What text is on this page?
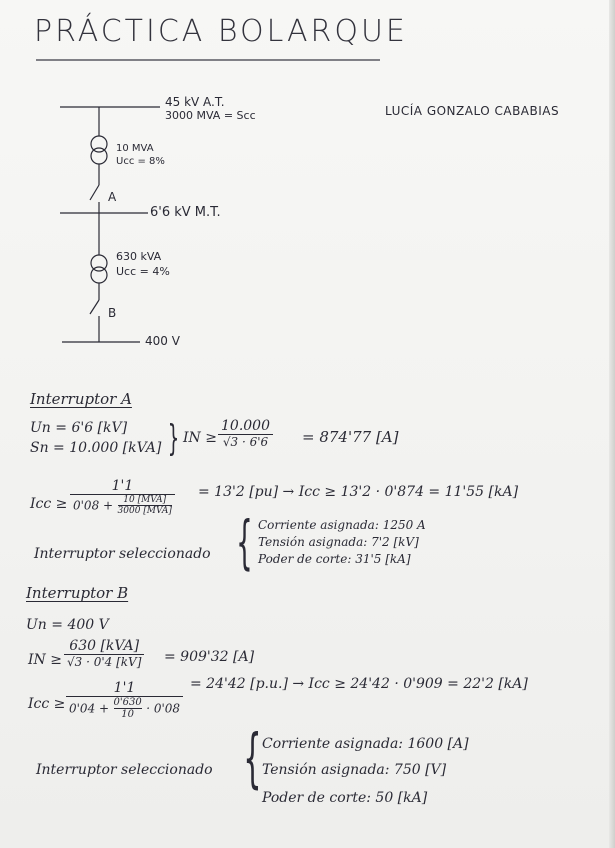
PRÁCTICA BOLARQUE
LUCÍA GONZALO CABABIAS
45 kV A.T.
3000 MVA = Scc
10 MVA
Ucc = 8%
A
6'6 kV M.T.
630 kVA
Ucc = 4%
B
400 V
Interruptor A
Un = 6'6 [kV]
Sn = 10.000 [kVA] } IN ≥ $\frac{10.000}{√3 \cdot 6'6} = 874'77$ [A]
Icc ≥
1'1
0'08 +	10 [MVA]
3000 [MVA]
= 13'2 [pu] → Icc ≥ 13'2 · 0'874 = 11'55 [kA]
Interruptor seleccionado { Corriente asignada: 1250 A
Tensión asignada: 7'2 [kV]
Poder de corte: 31'5 [kA]
Interruptor B
Un = 400 V
IN ≥
630 [kVA]
√3 · 0'4 [kV] = 909'32 [A]
Icc ≥ $\frac{1'1}{0'04 + \frac{0'630}{10} \cdot 0'08} = 24'42$ [p.u.] → Icc ≥ 24'42 · 0'909 = 22'2 [kA]
Interruptor seleccionado { Corriente asignada: 1600 [A]
Tensión asignada: 750 [V]
Poder de corte: 50 [kA]
